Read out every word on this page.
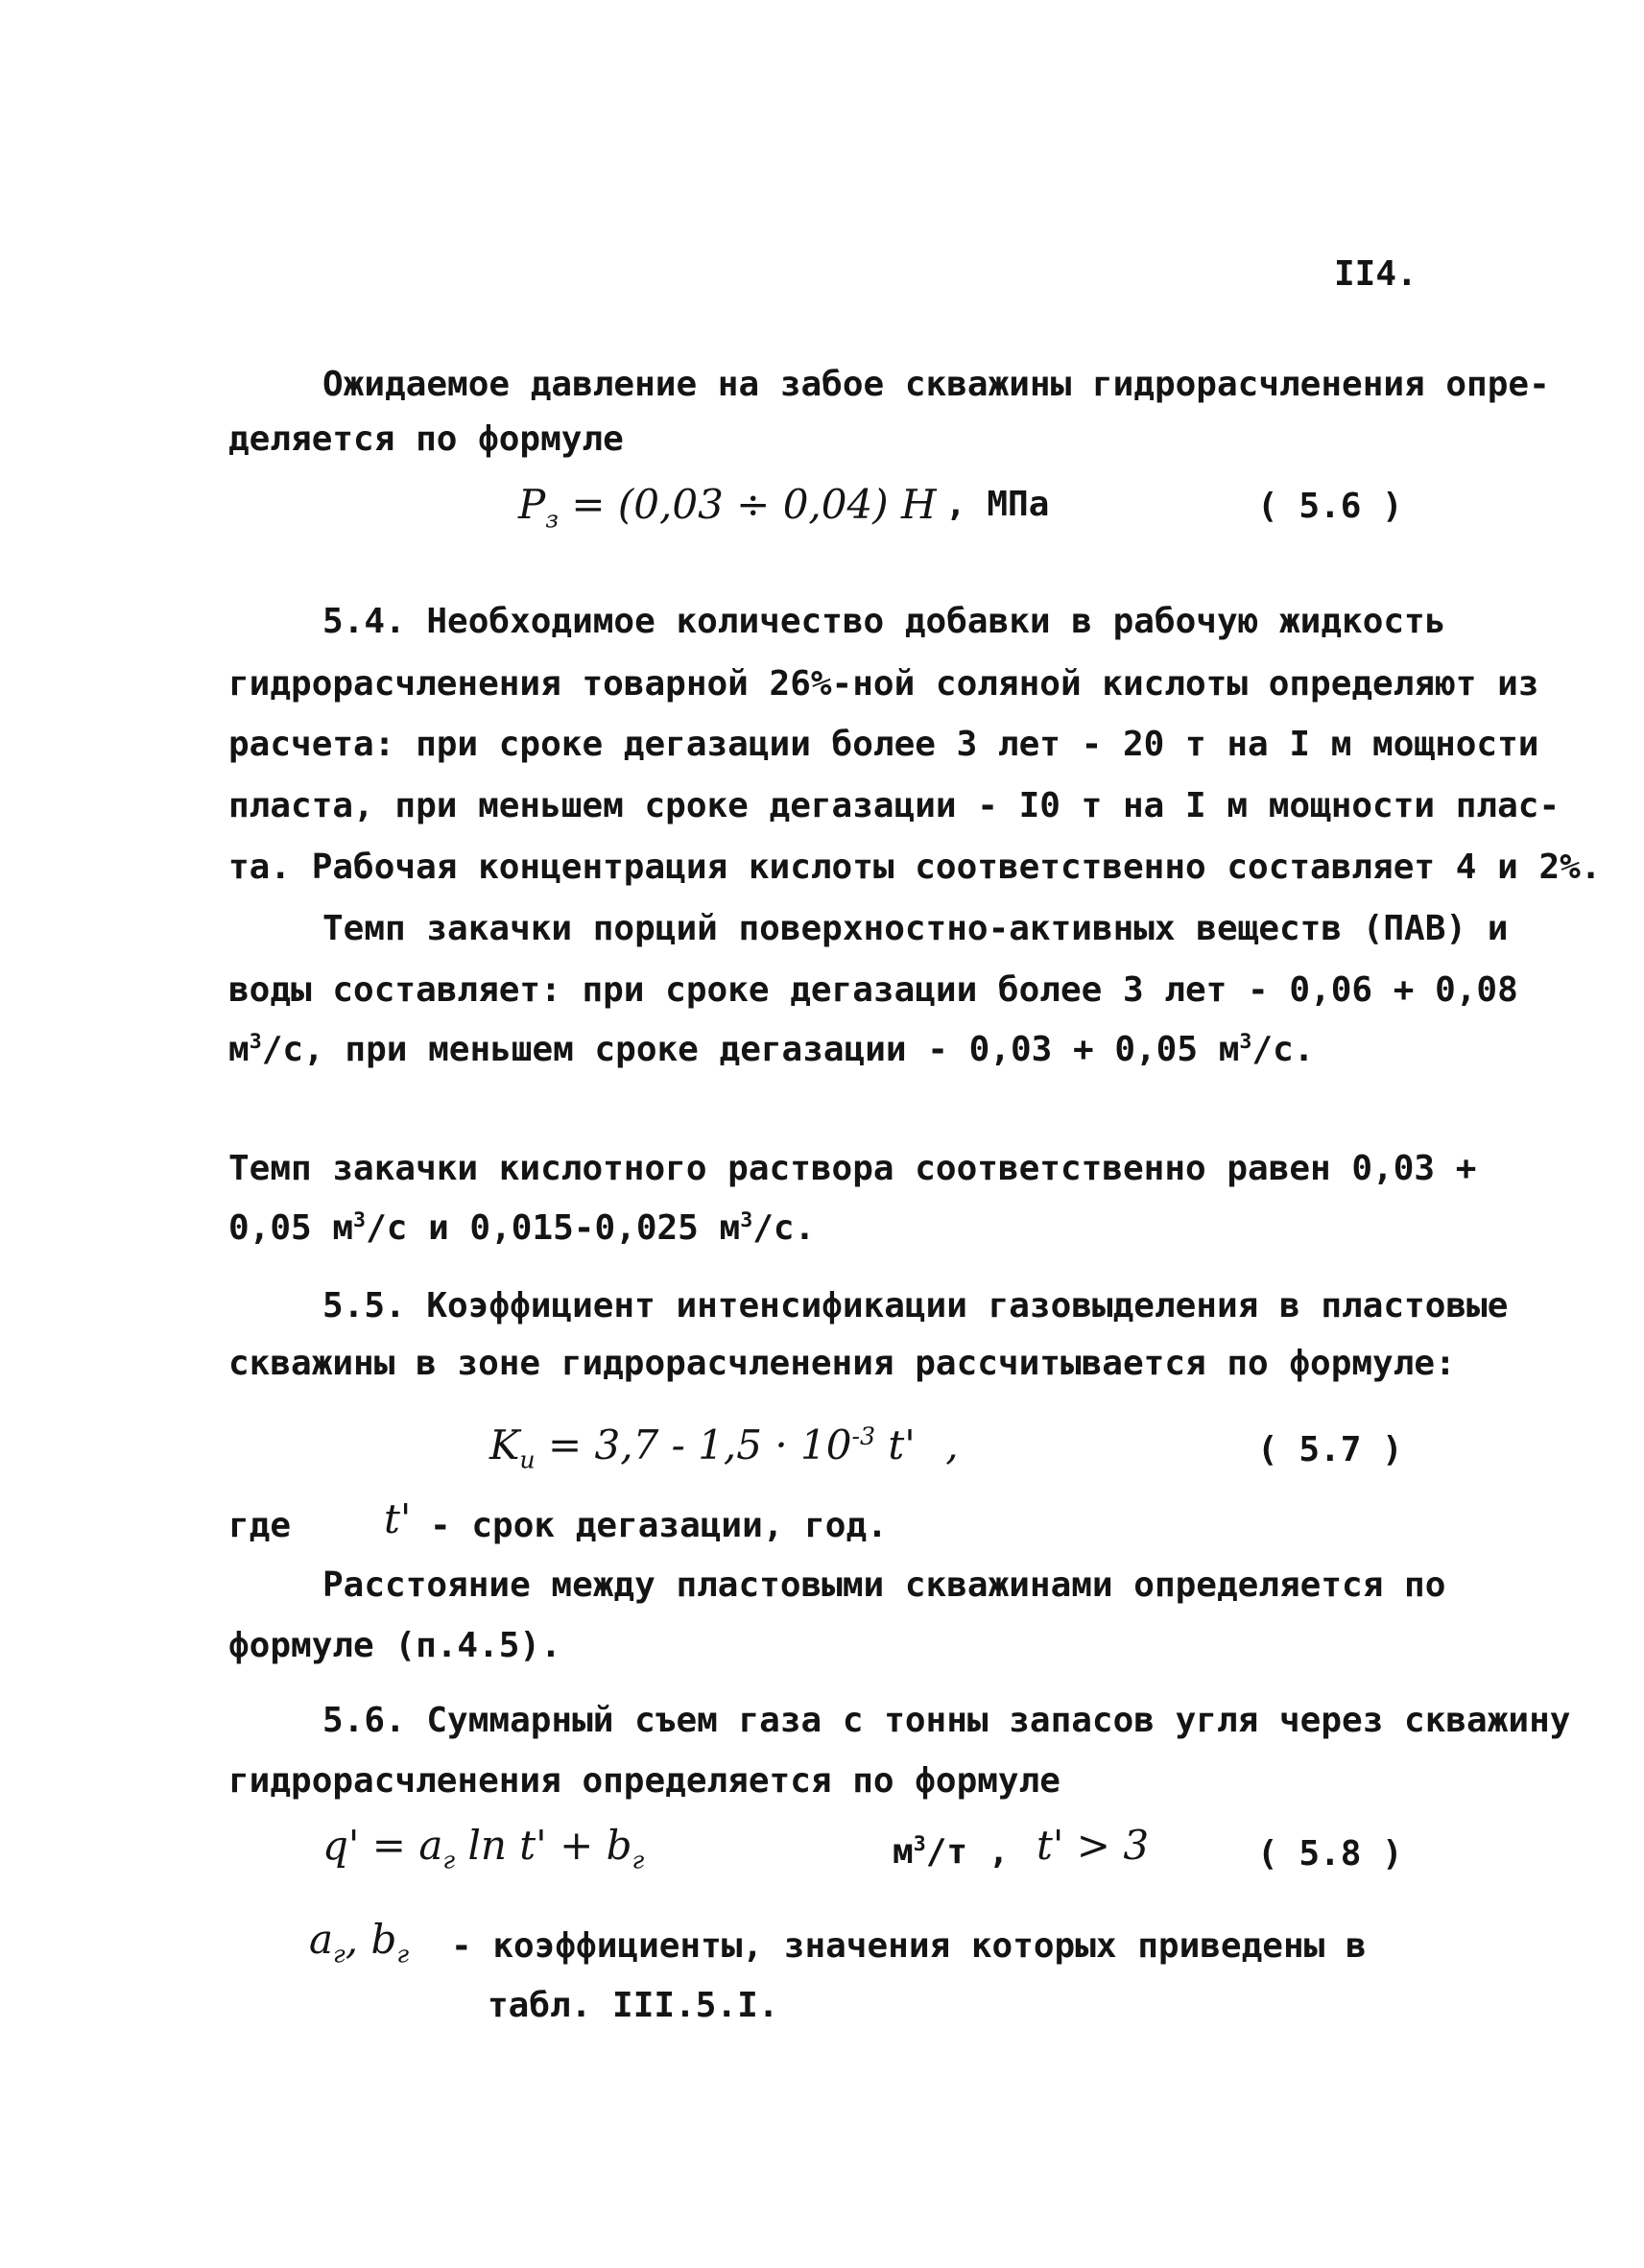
II4.
Ожидаемое давление на забое скважины гидрорасчленения опре-
деляется по формуле
$P_з = (0,03 \div 0,04)$ H , МПа	( 5.6 )
5.4. Необходимое количество добавки в рабочую жидкость
гидрорасчленения товарной 26%-ной соляной кислоты определяют из
расчета: при сроке дегазации более 3 лет - 20 т на I м мощности
пласта, при меньшем сроке дегазации - I0 т на I м мощности плас-
та. Рабочая концентрация кислоты соответственно составляет 4 и 2%.
Темп закачки порций поверхностно-активных веществ (ПАВ) и
воды составляет: при сроке дегазации более 3 лет - 0,06 + 0,08
$м^3/с$, при меньшем сроке дегазации - 0,03 + 0,05 $м^3/с$.
Темп закачки кислотного раствора соответственно равен 0,03 +
0,05 $м^3/с$ и 0,015-0,025 $м^3/с$.
5.5. Коэффициент интенсификации газовыделения в пластовые
скважины в зоне гидрорасчленения рассчитывается по формуле:
$K_и = 3,7 - 1,5 \cdot 10^{-3}$ t' ,	( 5.7 )
где t' - срок дегазации, год.
Расстояние между пластовыми скважинами определяется по
формуле (п.4.5).
5.6. Суммарный съем газа с тонны запасов угля через скважину
гидрорасчленения определяется по формуле
$q' = a_г$ $\ln t' + b_г$	$м^3/т$ , t' > 3	( 5.8 )
$a_г$, $b_г$ - коэффициенты, значения которых приведены в
табл. III.5.I.
